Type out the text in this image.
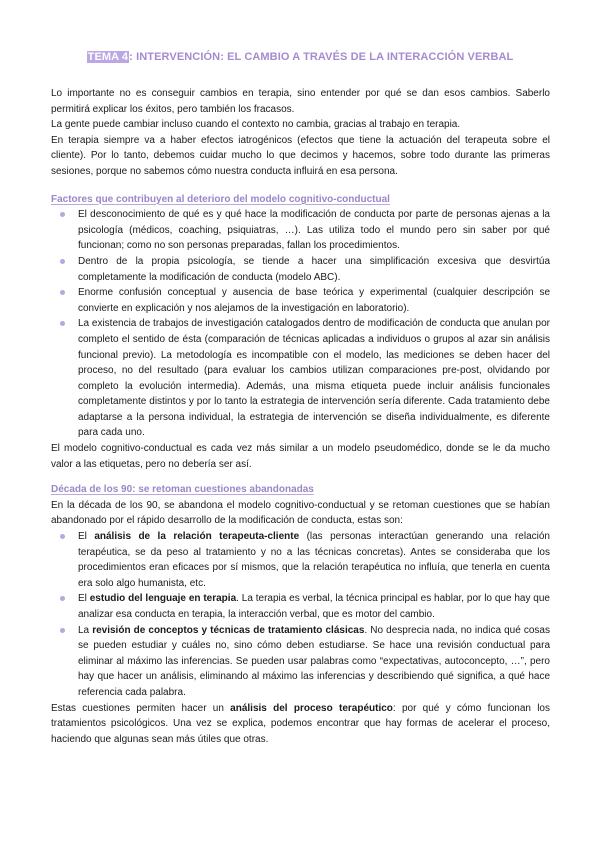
TEMA 4: INTERVENCIÓN: EL CAMBIO A TRAVÉS DE LA INTERACCIÓN VERBAL

Lo importante no es conseguir cambios en terapia, sino entender por qué se dan esos cambios. Saberlo permitirá explicar los éxitos, pero también los fracasos.

La gente puede cambiar incluso cuando el contexto no cambia, gracias al trabajo en terapia.

En terapia siempre va a haber efectos iatrogénicos (efectos que tiene la actuación del terapeuta sobre el cliente). Por lo tanto, debemos cuidar mucho lo que decimos y hacemos, sobre todo durante las primeras sesiones, porque no sabemos cómo nuestra conducta influirá en esa persona.

Factores que contribuyen al deterioro del modelo cognitivo-conductual

El desconocimiento de qué es y qué hace la modificación de conducta por parte de personas ajenas a la psicología (médicos, coaching, psiquiatras, …). Las utiliza todo el mundo pero sin saber por qué funcionan; como no son personas preparadas, fallan los procedimientos.
Dentro de la propia psicología, se tiende a hacer una simplificación excesiva que desvirtúa completamente la modificación de conducta (modelo ABC).
Enorme confusión conceptual y ausencia de base teórica y experimental (cualquier descripción se convierte en explicación y nos alejamos de la investigación en laboratorio).
La existencia de trabajos de investigación catalogados dentro de modificación de conducta que anulan por completo el sentido de ésta (comparación de técnicas aplicadas a individuos o grupos al azar sin análisis funcional previo). La metodología es incompatible con el modelo, las mediciones se deben hacer del proceso, no del resultado (para evaluar los cambios utilizan comparaciones pre-post, olvidando por completo la evolución intermedia). Además, una misma etiqueta puede incluir análisis funcionales completamente distintos y por lo tanto la estrategia de intervención sería diferente. Cada tratamiento debe adaptarse a la persona individual, la estrategia de intervención se diseña individualmente, es diferente para cada uno.

El modelo cognitivo-conductual es cada vez más similar a un modelo pseudomédico, donde se le da mucho valor a las etiquetas, pero no debería ser así.

Década de los 90: se retoman cuestiones abandonadas

En la década de los 90, se abandona el modelo cognitivo-conductual y se retoman cuestiones que se habían abandonado por el rápido desarrollo de la modificación de conducta, estas son:

El análisis de la relación terapeuta-cliente (las personas interactúan generando una relación terapéutica, se da peso al tratamiento y no a las técnicas concretas). Antes se consideraba que los procedimientos eran eficaces por sí mismos, que la relación terapéutica no influía, que tenerla en cuenta era solo algo humanista, etc.
El estudio del lenguaje en terapia. La terapia es verbal, la técnica principal es hablar, por lo que hay que analizar esa conducta en terapia, la interacción verbal, que es motor del cambio.
La revisión de conceptos y técnicas de tratamiento clásicas. No desprecia nada, no indica qué cosas se pueden estudiar y cuáles no, sino cómo deben estudiarse. Se hace una revisión conductual para eliminar al máximo las inferencias. Se pueden usar palabras como “expectativas, autoconcepto, …”, pero hay que hacer un análisis, eliminando al máximo las inferencias y describiendo qué significa, a qué hace referencia cada palabra.

Estas cuestiones permiten hacer un análisis del proceso terapéutico: por qué y cómo funcionan los tratamientos psicológicos. Una vez se explica, podemos encontrar que hay formas de acelerar el proceso, haciendo que algunas sean más útiles que otras.
